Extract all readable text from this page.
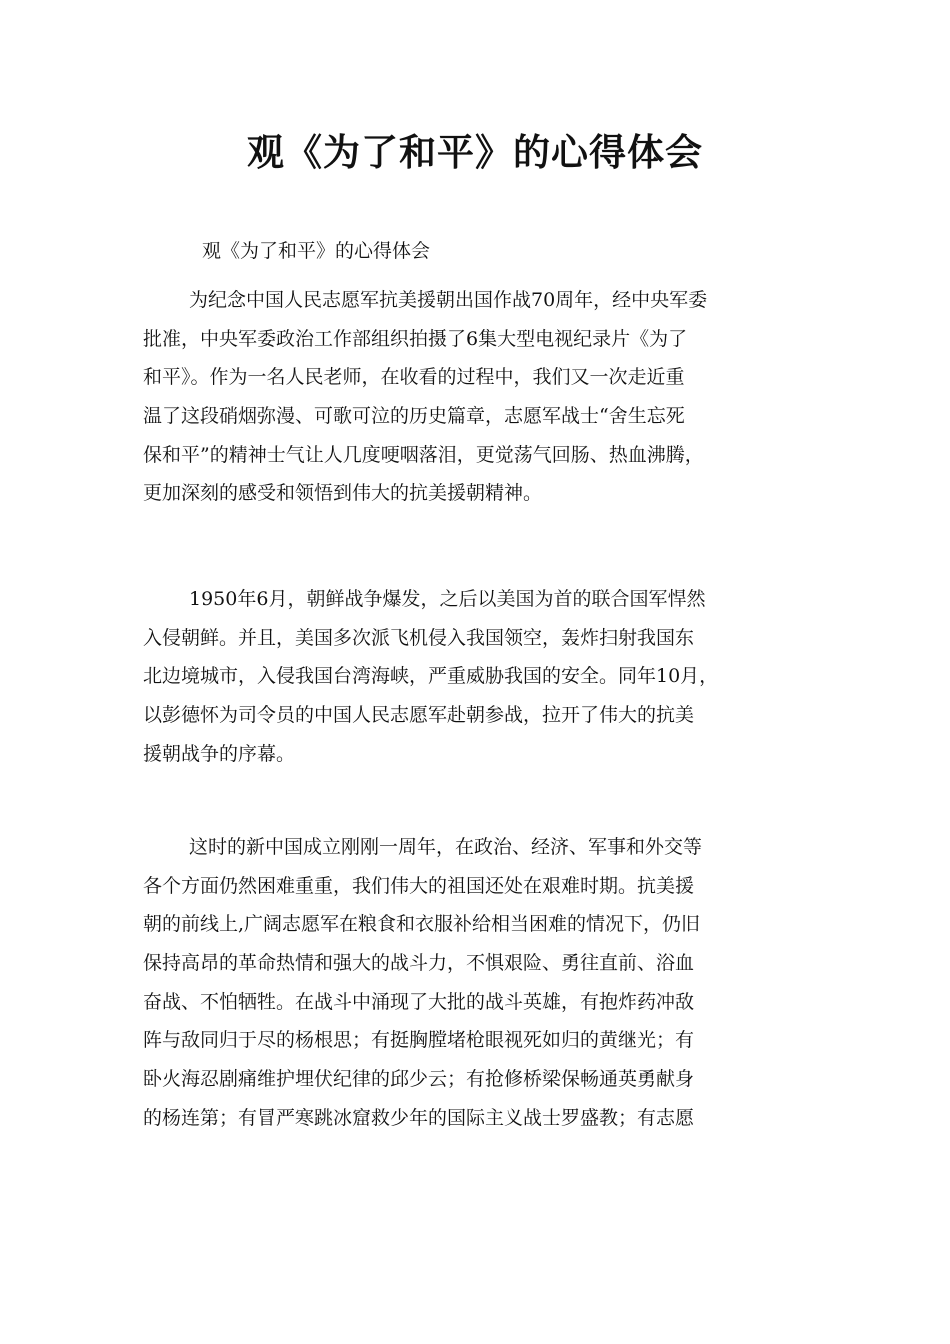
观《为了和平》的心得体会

观《为了和平》的心得体会

为纪念中国人民志愿军抗美援朝出国作战70周年，经中央军委
批准，中央军委政治工作部组织拍摄了6集大型电视纪录片《为了
和平》。作为一名人民老师，在收看的过程中，我们又一次走近重
温了这段硝烟弥漫、可歌可泣的历史篇章，志愿军战士“舍生忘死
保和平”的精神士气让人几度哽咽落泪，更觉荡气回肠、热血沸腾，
更加深刻的感受和领悟到伟大的抗美援朝精神。
1950年6月，朝鲜战争爆发，之后以美国为首的联合国军悍然
入侵朝鲜。并且，美国多次派飞机侵入我国领空，轰炸扫射我国东
北边境城市，入侵我国台湾海峡，严重威胁我国的安全。同年10月，
以彭德怀为司令员的中国人民志愿军赴朝参战，拉开了伟大的抗美
援朝战争的序幕。
这时的新中国成立刚刚一周年，在政治、经济、军事和外交等
各个方面仍然困难重重，我们伟大的祖国还处在艰难时期。抗美援
朝的前线上,广阔志愿军在粮食和衣服补给相当困难的情况下，仍旧
保持高昂的革命热情和强大的战斗力，不惧艰险、勇往直前、浴血
奋战、不怕牺牲。在战斗中涌现了大批的战斗英雄，有抱炸药冲敌
阵与敌同归于尽的杨根思；有挺胸膛堵枪眼视死如归的黄继光；有
卧火海忍剧痛维护埋伏纪律的邱少云；有抢修桥梁保畅通英勇献身
的杨连第；有冒严寒跳冰窟救少年的国际主义战士罗盛教；有志愿
